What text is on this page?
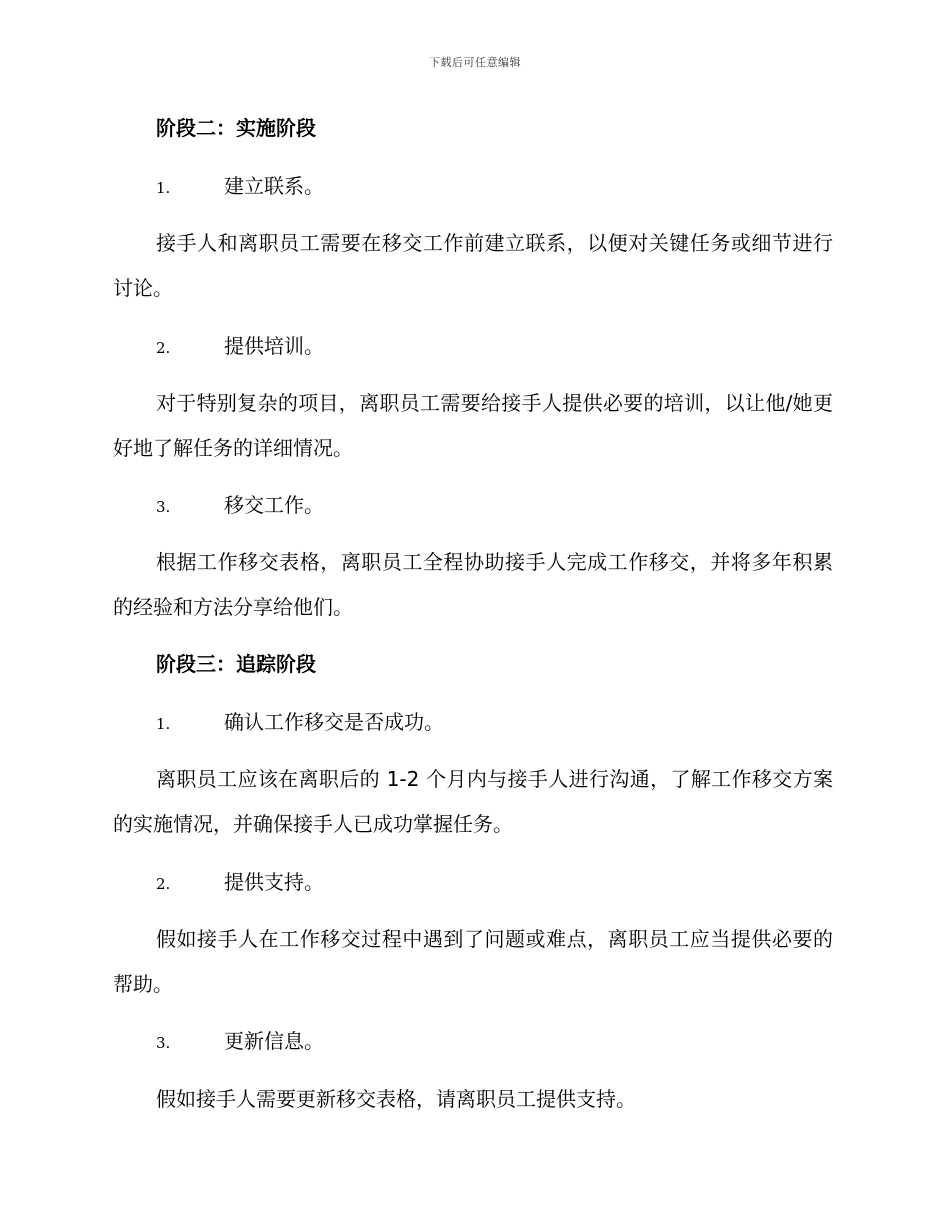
下载后可任意编辑
阶段二：实施阶段
1.	建立联系。
接手人和离职员工需要在移交工作前建立联系，以便对关键任务或细节进行讨论。
2.	提供培训。
对于特别复杂的项目，离职员工需要给接手人提供必要的培训，以让他/她更好地了解任务的详细情况。
3.	移交工作。
根据工作移交表格，离职员工全程协助接手人完成工作移交，并将多年积累的经验和方法分享给他们。
阶段三：追踪阶段
1.	确认工作移交是否成功。
离职员工应该在离职后的 1-2 个月内与接手人进行沟通，了解工作移交方案的实施情况，并确保接手人已成功掌握任务。
2.	提供支持。
假如接手人在工作移交过程中遇到了问题或难点，离职员工应当提供必要的帮助。
3.	更新信息。
假如接手人需要更新移交表格，请离职员工提供支持。
